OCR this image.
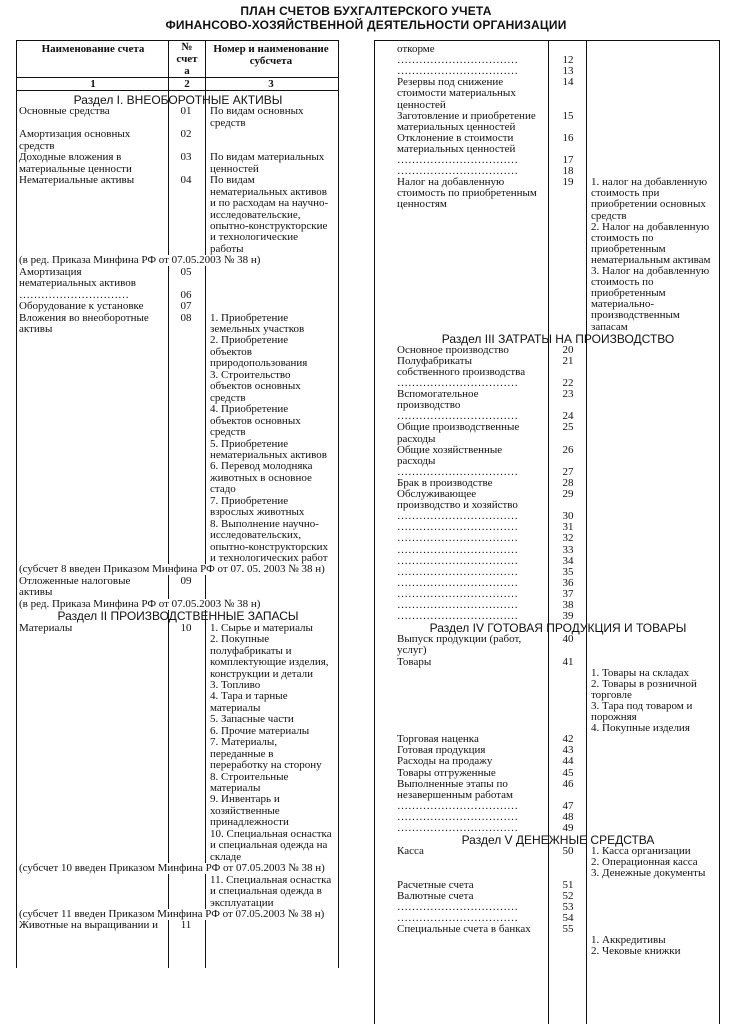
ПЛАН СЧЕТОВ БУХГАЛТЕРСКОГО УЧЕТА
ФИНАНСОВО-ХОЗЯЙСТВЕННОЙ ДЕЯТЕЛЬНОСТИ ОРГАНИЗАЦИИ
Наименование счета	№
счет
а
Номер и наименование
субсчета
1	2	3
Раздел I. ВНЕОБОРОТНЫЕ АКТИВЫ
Основные средства	01	По видам основных
средств
Амортизация основных
средств
02
Доходные вложения в
материальные ценности
03	По видам материальных
ценностей
Нематериальные активы	04	По видам
нематериальных активов
и по расходам на научно-
исследовательские,
опытно-конструкторские
и технологические
работы
(в ред. Приказа Минфина РФ от 07.05.2003 № 38 н)
Амортизация
нематериальных активов
05
…………………………	06
Оборудование к установке	07
Вложения во внеоборотные
активы
08	1. Приобретение
земельных участков
2. Приобретение
объектов
природопользования
3. Строительство
объектов основных
средств
4. Приобретение
объектов основных
средств
5. Приобретение
нематериальных активов
6. Перевод молодняка
животных в основное
стадо
7. Приобретение
взрослых животных
8. Выполнение научно-
исследовательских,
опытно-конструкторских
и технологических работ
(субсчет 8 введен Приказом Минфина РФ от 07. 05. 2003 № 38 н)
Отложенные налоговые
активы
09
(в ред. Приказа Минфина РФ от 07.05.2003 № 38 н)
Раздел II ПРОИЗВОДСТВЕННЫЕ ЗАПАСЫ
Материалы	10	1. Сырье и материалы
2. Покупные
полуфабрикаты и
комплектующие изделия,
конструкции и детали
3. Топливо
4. Тара и тарные
материалы
5. Запасные части
6. Прочие материалы
7. Материалы,
переданные в
переработку на сторону
8. Строительные
материалы
9. Инвентарь и
хозяйственные
принадлежности
10. Специальная оснастка
и специальная одежда на
складе
(субсчет 10 введен Приказом Минфина РФ от 07.05.2003 № 38 н)
11. Специальная оснастка
и специальная одежда в
эксплуатации
(субсчет 11 введен Приказом Минфина РФ от 07.05.2003 № 38 н)
Животные на выращивании и	11
откорме
……………………………	12
……………………………	13
Резервы под снижение
стоимости материальных
ценностей
14
Заготовление и приобретение
материальных ценностей
15
Отклонение в стоимости
материальных ценностей
16
……………………………	17
……………………………	18
Налог на добавленную
стоимость по приобретенным
ценностям
19	1. налог на добавленную
стоимость при
приобретении основных
средств
2. Налог на добавленную
стоимость по
приобретенным
нематериальным активам
3. Налог на добавленную
стоимость по
приобретенным
материально-
производственным
запасам
Раздел III ЗАТРАТЫ НА ПРОИЗВОДСТВО
Основное производство	20
Полуфабрикаты
собственного производства
21
……………………………	22
Вспомогательное
производство
23
……………………………	24
Общие производственные
расходы
25
Общие хозяйственные
расходы
26
……………………………	27
Брак в производстве	28
Обслуживающее
производство и хозяйство
29
……………………………	30
……………………………	31
……………………………	32
……………………………	33
……………………………	34
……………………………	35
……………………………	36
……………………………	37
……………………………	38
……………………………	39
Раздел IV ГОТОВАЯ ПРОДУКЦИЯ И ТОВАРЫ
Выпуск продукции (работ,
услуг)
40
Товары	41
1. Товары на складах
2. Товары в розничной
торговле
3. Тара под товаром и
порожняя
4. Покупные изделия
Торговая наценка	42
Готовая продукция	43
Расходы на продажу	44
Товары отгруженные	45
Выполненные этапы по
незавершенным работам
46
……………………………	47
……………………………	48
……………………………	49
Раздел V ДЕНЕЖНЫЕ СРЕДСТВА
Касса	50	1. Касса организации
2. Операционная касса
3. Денежные документы
Расчетные счета	51
Валютные счета	52
……………………………	53
……………………………	54
Специальные счета в банках	55
1. Аккредитивы
2. Чековые книжки
